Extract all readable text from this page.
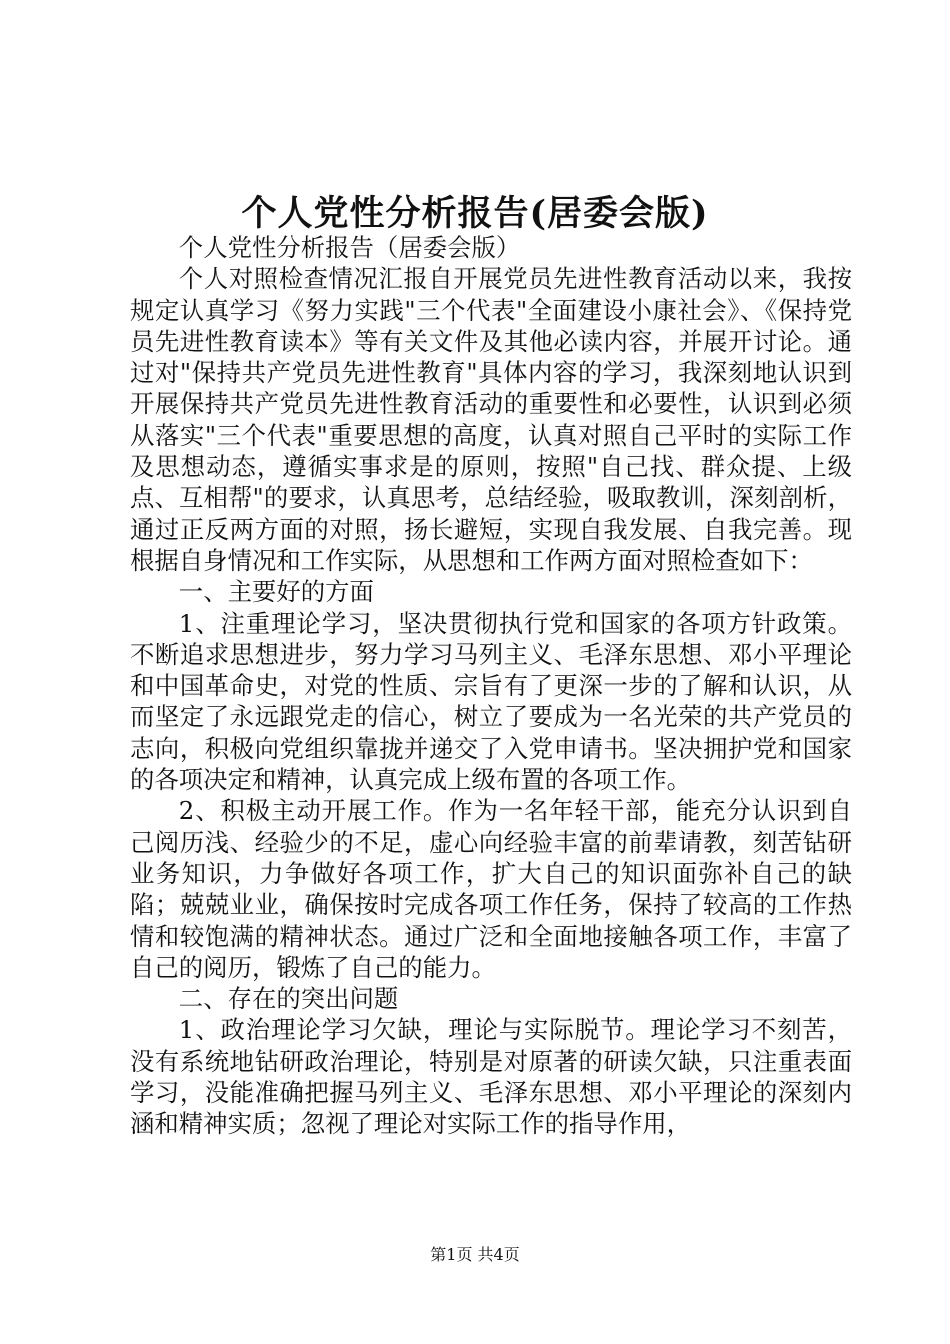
个人党性分析报告(居委会版)

个人党性分析报告（居委会版）

个人对照检查情况汇报自开展党员先进性教育活动以来，我按规定认真学习《努力实践"三个代表"全面建设小康社会》、《保持党员先进性教育读本》等有关文件及其他必读内容，并展开讨论。通过对"保持共产党员先进性教育"具体内容的学习，我深刻地认识到开展保持共产党员先进性教育活动的重要性和必要性，认识到必须从落实"三个代表"重要思想的高度，认真对照自己平时的实际工作及思想动态，遵循实事求是的原则，按照"自己找、群众提、上级点、互相帮"的要求，认真思考，总结经验，吸取教训，深刻剖析，通过正反两方面的对照，扬长避短，实现自我发展、自我完善。现根据自身情况和工作实际，从思想和工作两方面对照检查如下：

一、主要好的方面

1、注重理论学习，坚决贯彻执行党和国家的各项方针政策。不断追求思想进步，努力学习马列主义、毛泽东思想、邓小平理论和中国革命史，对党的性质、宗旨有了更深一步的了解和认识，从而坚定了永远跟党走的信心，树立了要成为一名光荣的共产党员的志向，积极向党组织靠拢并递交了入党申请书。坚决拥护党和国家的各项决定和精神，认真完成上级布置的各项工作。

2、积极主动开展工作。作为一名年轻干部，能充分认识到自己阅历浅、经验少的不足，虚心向经验丰富的前辈请教，刻苦钻研业务知识，力争做好各项工作，扩大自己的知识面弥补自己的缺陷；兢兢业业，确保按时完成各项工作任务，保持了较高的工作热情和较饱满的精神状态。通过广泛和全面地接触各项工作，丰富了自己的阅历，锻炼了自己的能力。

二、存在的突出问题

1、政治理论学习欠缺，理论与实际脱节。理论学习不刻苦，没有系统地钻研政治理论，特别是对原著的研读欠缺，只注重表面学习，没能准确把握马列主义、毛泽东思想、邓小平理论的深刻内涵和精神实质；忽视了理论对实际工作的指导作用，

第1页 共4页
